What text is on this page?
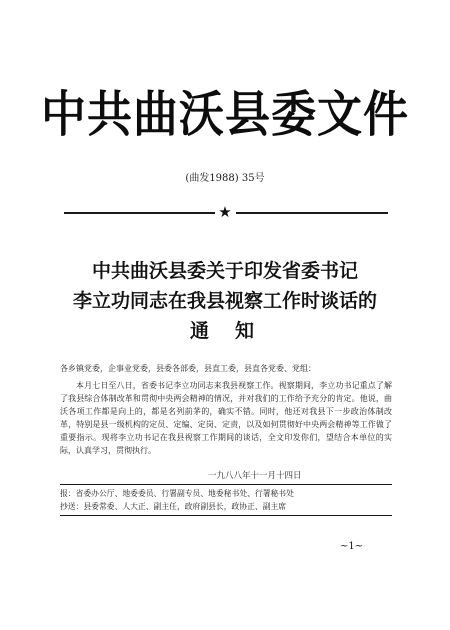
中共曲沃县委文件
(曲发1988) 35号
★
中共曲沃县委关于印发省委书记
李立功同志在我县视察工作时谈话的
通知

各乡镇党委，企事业党委，县委各部委，县直工委，县直各党委、党组：

本月七日至八日，省委书记李立功同志来我县视察工作。视察期间，李立功书记重点了解了我县综合体制改革和贯彻中央两会精神的情况，并对我们的工作给予充分的肯定。他说，曲沃各项工作都是向上的，都是名列前茅的，确实不错。同时，他还对我县下一步政治体制改革，特别是县一级机构的定员、定编、定岗、定责，以及如何贯彻好中央两会精神等工作做了重要指示。现将李立功书记在我县视察工作期间的谈话，全文印发你们，望结合本单位的实际，认真学习，贯彻执行。

一九八八年十一月十四日
报：省委办公厅、地委委员、行署副专员、地委秘书处、行署秘书处
抄送：县委常委、人大正、副主任，政府副县长，政协正、副主席
~1~
